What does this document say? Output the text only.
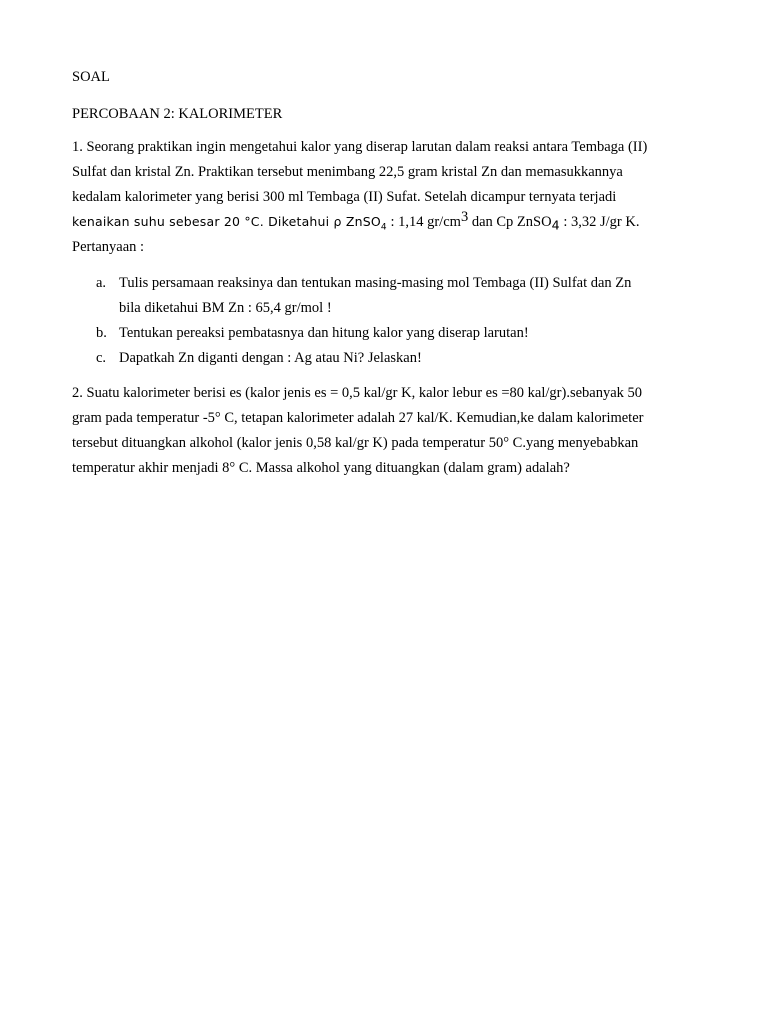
SOAL
PERCOBAAN 2: KALORIMETER
1. Seorang praktikan ingin mengetahui kalor yang diserap larutan dalam reaksi antara Tembaga (II)
Sulfat dan kristal Zn. Praktikan tersebut menimbang 22,5 gram kristal Zn dan memasukkannya
kedalam kalorimeter yang berisi 300 ml Tembaga (II) Sufat. Setelah dicampur ternyata terjadi
kenaikan suhu sebesar 20 °C. Diketahui ρ ZnSO$_4$ : 1,14 $gr/cm^3$ dan Cp ZnSO$_4$ : 3,32 J/gr K.
Pertanyaan :
a. Tulis persamaan reaksinya dan tentukan masing-masing mol Tembaga (II) Sulfat dan Zn
bila diketahui BM Zn : 65,4 gr/mol !
b. Tentukan pereaksi pembatasnya dan hitung kalor yang diserap larutan!
c. Dapatkah Zn diganti dengan : Ag atau Ni? Jelaskan!
2. Suatu kalorimeter berisi es (kalor jenis es = 0,5 kal/gr K, kalor lebur es =80 kal/gr).sebanyak 50
gram pada temperatur -5° C, tetapan kalorimeter adalah 27 kal/K. Kemudian,ke dalam kalorimeter
tersebut dituangkan alkohol (kalor jenis 0,58 kal/gr K) pada temperatur 50° C.yang menyebabkan
temperatur akhir menjadi 8° C. Massa alkohol yang dituangkan (dalam gram) adalah?
